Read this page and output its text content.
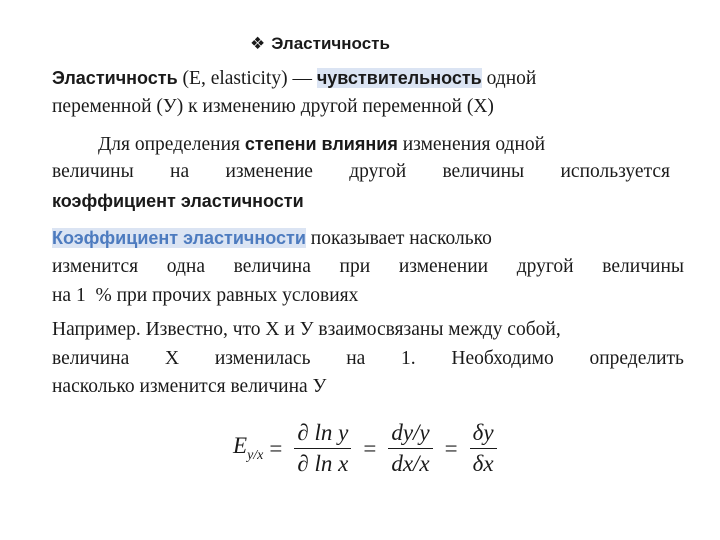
❖ Эластичность
Эластичность (E, elasticity) — чувствительность одной
переменной (У) к изменению другой переменной (Х)
Для определения степени влияния изменения одной
величины на изменение другой величины используется
коэффициент эластичности
Коэффициент эластичности показывает насколько
изменится одна величина при изменении другой величины
на 1  % при прочих равных условиях
Например. Известно, что Х и У взаимосвязаны между собой,
величина Х изменилась на 1. Необходимо определить
насколько изменится величина У
$E_{y/x} = \frac{\text{∂ ln y}}{\text{∂ ln x}} = \frac{dy/y}{dx/x} = \frac{\delta y}{\delta x}$
